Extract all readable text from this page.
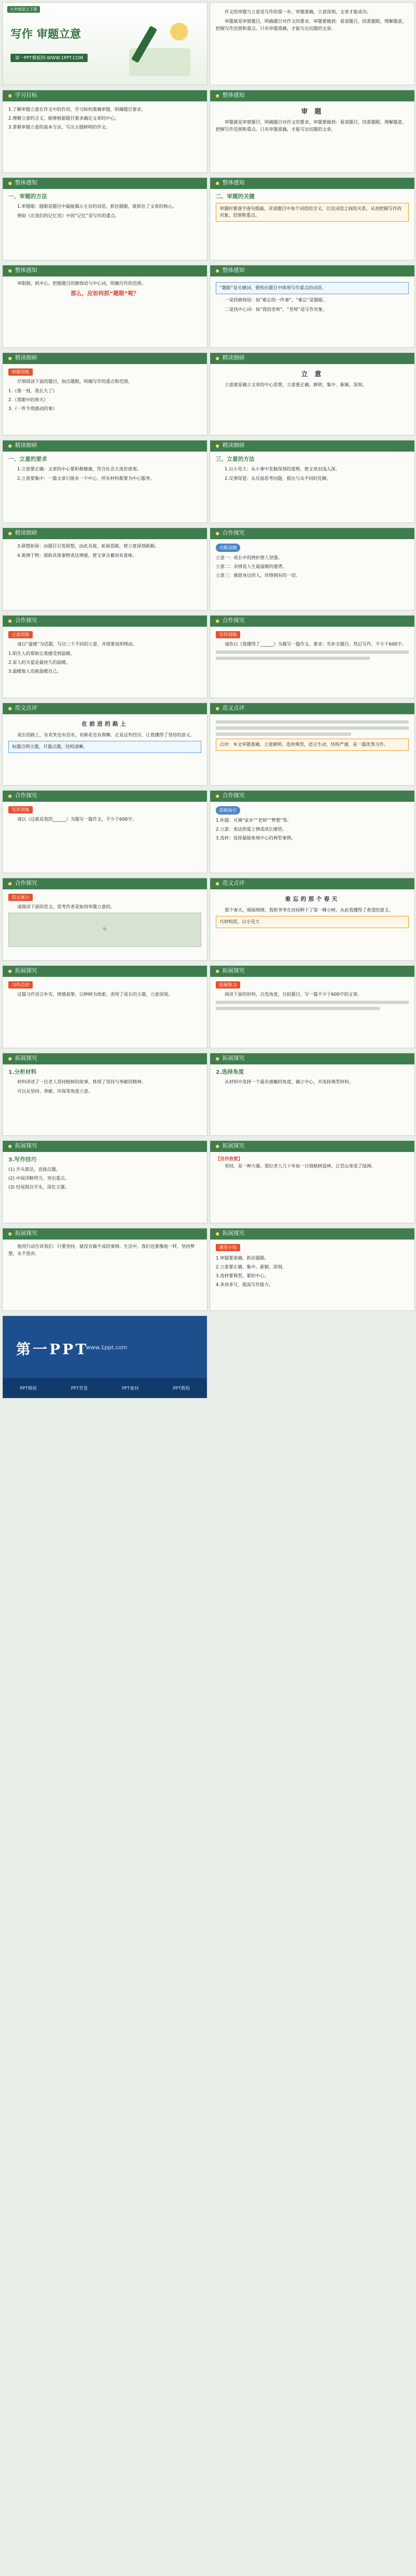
九年级语文下册
写作 审题立意
第一PPT模板网-WWW.1PPT.COM

作文的审题与立意是写作的第一步，审题准确，立意深刻，文章才能成功。

审题就是审察题目，明确题目对作文的要求。审题要做到：看清题目，找准题眼，理解题意，把握写作范围和重点。只有审题准确，才能写出切题的文章。

学习目标
1.了解审题立意在作文中的作用，学习如何准确审题，明确题目要求。
2.理解立意的含义，能够根据题目要求确定文章的中心。
3.掌握审题立意的基本方法，写出主题鲜明的作文。
整体感知
审 题

审题就是审察题目，明确题目对作文的要求。审题要做到：看清题目，找准题眼，理解题意，把握写作范围和重点。只有审题准确，才能写出切题的文章。

整体感知
一、审题的方法

1.审题眼：题眼是题目中最能揭示主旨的词语，抓住题眼，就抓住了文章的核心。

例如《在我们的记忆里》中的“记忆”是写作的重点。

整体感知
二、审题的关键
审题时要逐字逐句推敲，弄清题目中每个词语的含义，以及词语之间的关系，从而把握写作的对象、范围和重点。
整体感知

审限制，抓中心，把握题目的修饰语与中心词，明确写作的范围。

那么，应如何抓“题眼”呢？
整体感知
“题眼”是关键词，要抓住题目中体现写作重点的词语。

一是找修饰语：如“难忘的一件事”，“难忘”是题眼。

二是找中心词：如“我的老师”，“老师”是写作对象。

精读细研
审题训练

仔细阅读下面的题目，指出题眼，明确写作的重点和范围。

1.《那一刻，我长大了》
2.《我眼中的春天》
3.《一件令我感动的事》
精读细研
立 意

立意就是确立文章的中心思想，立意要正确、鲜明、集中、新颖、深刻。

精读细研
一、立意的要求

1.立意要正确：文章的中心要积极健康，符合社会主流价值观。

2.立意要集中：一篇文章只能有一个中心，所有材料都要为中心服务。

精读细研
三、立意的方法

1.以小见大：从小事中发掘深刻的道理，使文章由浅入深。

2.反弹琵琶：从反面思考问题，提出与众不同的见解。

精读细研

3.联想拓展：由题目引发联想，由此及彼，拓展思路，使立意深刻新颖。

4.寓情于物：借助具体事物表达情感，使文章含蓄而有意味。

合作探究
火眼金睛
立意一：成长中的挫折使人坚强。
立意二：亲情是人生最温暖的港湾。
立意三：感恩身边的人，珍惜拥有的一切。
合作探究
立意训练

请以“温暖”为话题，写出三个不同的立意，并简要说明理由。

1.陌生人的帮助让我感受到温暖。
2.家人的关爱是最持久的温暖。
3.温暖他人也能温暖自己。
合作探究
写作训练

请你以《我懂得了______》为题写一篇作文，要求：先补全题目，然后写作，不少于600字。

范文点评
在前进的路上

成长的路上，有欢笑也有泪水，有鲜花也有荆棘。正是这些经历，让我懂得了坚持的意义。

标题点明主题，开篇点题，结构清晰。
范文点评
点评：本文审题准确，立意鲜明，选材典型，语言生动，结构严谨，是一篇优秀习作。
合作探究
写作训练

请以《这就是我的______》为题写一篇作文，不少于600字。

合作探究
思路指引
1.补题：可填“家乡”“老师”“梦想”等。
2.立意：表达热爱之情或成长感悟。
3.选材：选择最能体现中心的典型事例。
合作探究
范文展示

请阅读下面的范文，思考作者是如何审题立意的。

✎
范文点评
难忘的那个春天

那个春天，细雨绵绵，我和爷爷在田间种下了第一棵小树，从此我懂得了希望的意义。

巧妙构思，以小见大
拓展探究
习作点评

这篇习作语言朴实，情感真挚，以种树为线索，表现了成长的主题，立意深刻。

拓展探究
拓展练习

阅读下面的材料，自选角度，自拟题目，写一篇不少于600字的文章。

拓展探究
1.分析材料

材料讲述了一位老人坚持植树的故事，体现了坚持与奉献的精神。

可以从坚持、奉献、环保等角度立意。

拓展探究
2.选择角度

从材料中选择一个最有感触的角度，确立中心，并选择典型材料。

拓展探究
3.写作技巧
(1) 开头简洁，直接点题。
(2) 中间详略得当，突出重点。
(3) 结尾照应开头，深化主题。
拓展探究
【佳作欣赏】

坚持，是一种力量。那位老人几十年如一日地植树造林，让荒山变成了绿洲。

拓展探究

他用行动告诉我们：只要坚持，就没有做不成的事情。生活中，我们也要像他一样，坚持梦想，永不放弃。

拓展探究
课堂小结
1.审题要准确，抓住题眼。
2.立意要正确、集中、新颖、深刻。
3.选材要典型，紧扣中心。
4.多读多写，提高写作能力。
第一PPT
www.1ppt.com
PPT模板	PPT背景	PPT素材	PPT教程
